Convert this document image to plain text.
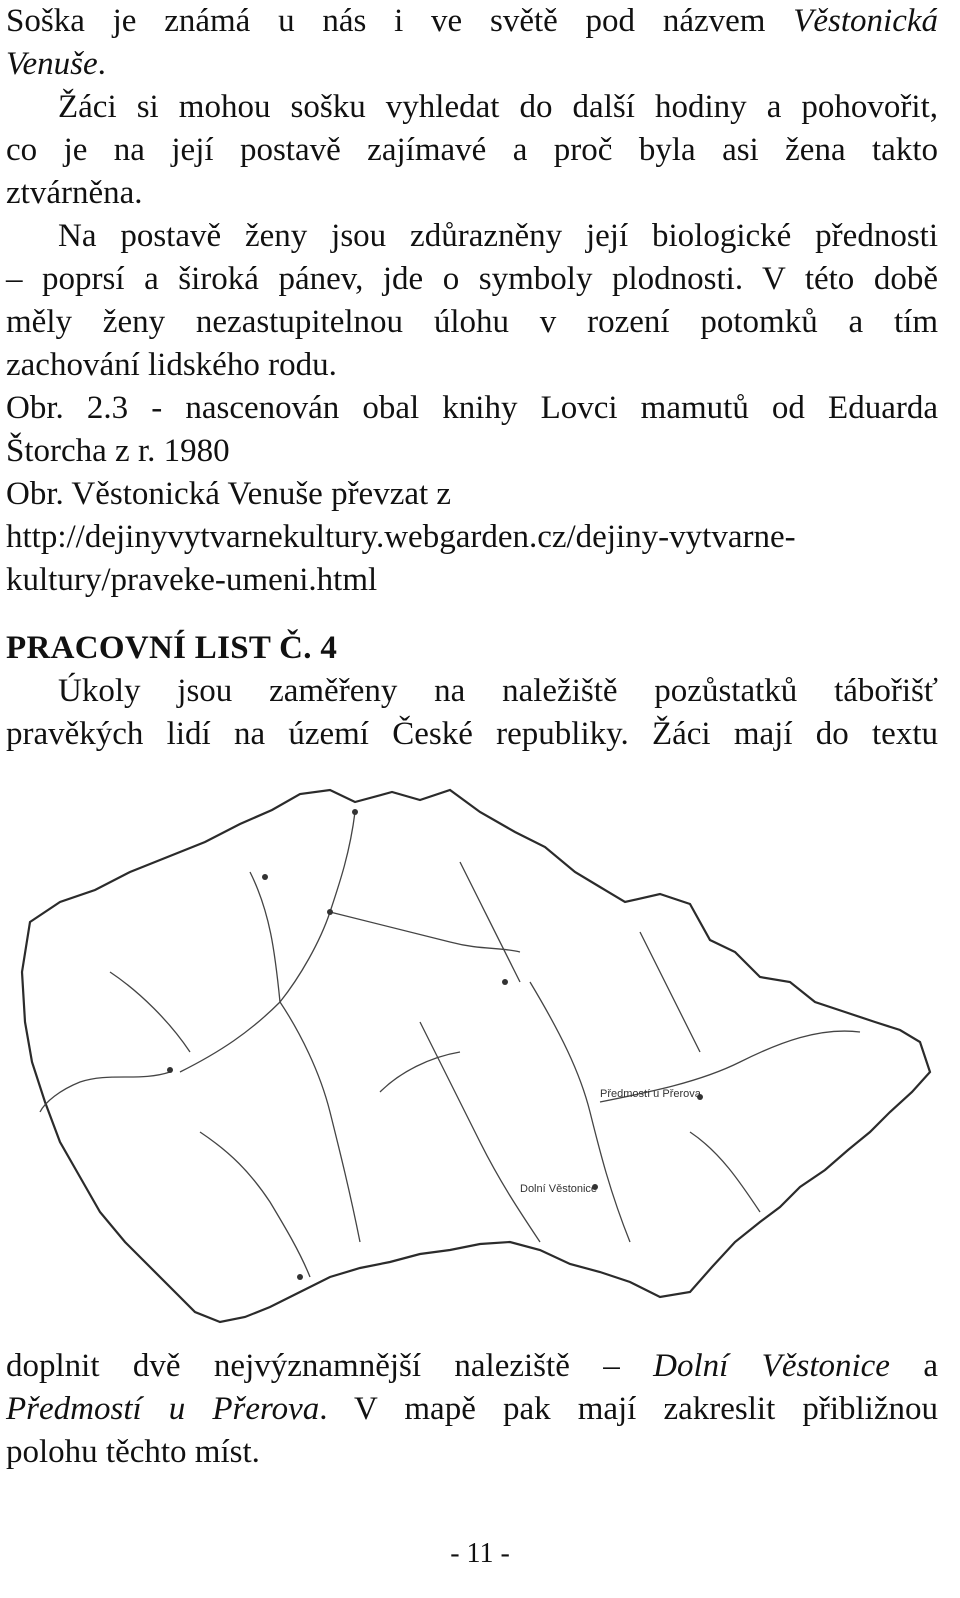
Soška je známá u nás i ve světě pod názvem Věstonická
Venuše.
Žáci si mohou sošku vyhledat do další hodiny a pohovořit,
co je na její postavě zajímavé a proč byla asi žena takto
ztvárněna.
Na postavě ženy jsou zdůrazněny její biologické přednosti
– poprsí a široká pánev, jde o symboly plodnosti. V této době
měly ženy nezastupitelnou úlohu v rození potomků a tím
zachování lidského rodu.
Obr. 2.3 - nascenován obal knihy Lovci mamutů od Eduarda
Štorcha z r. 1980
Obr. Věstonická Venuše převzat z
http://dejinyvytvarnekultury.webgarden.cz/dejiny-vytvarne-
kultury/praveke-umeni.html
PRACOVNÍ LIST Č. 4
Úkoly jsou zaměřeny na naležiště pozůstatků tábořišť
pravěkých lidí na území České republiky. Žáci mají do textu
Předmostí u Přerova
Dolní Věstonice
doplnit dvě nejvýznamnější naleziště – Dolní Věstonice a
Předmostí u Přerova. V mapě pak mají zakreslit přibližnou
polohu těchto míst.
- 11 -
